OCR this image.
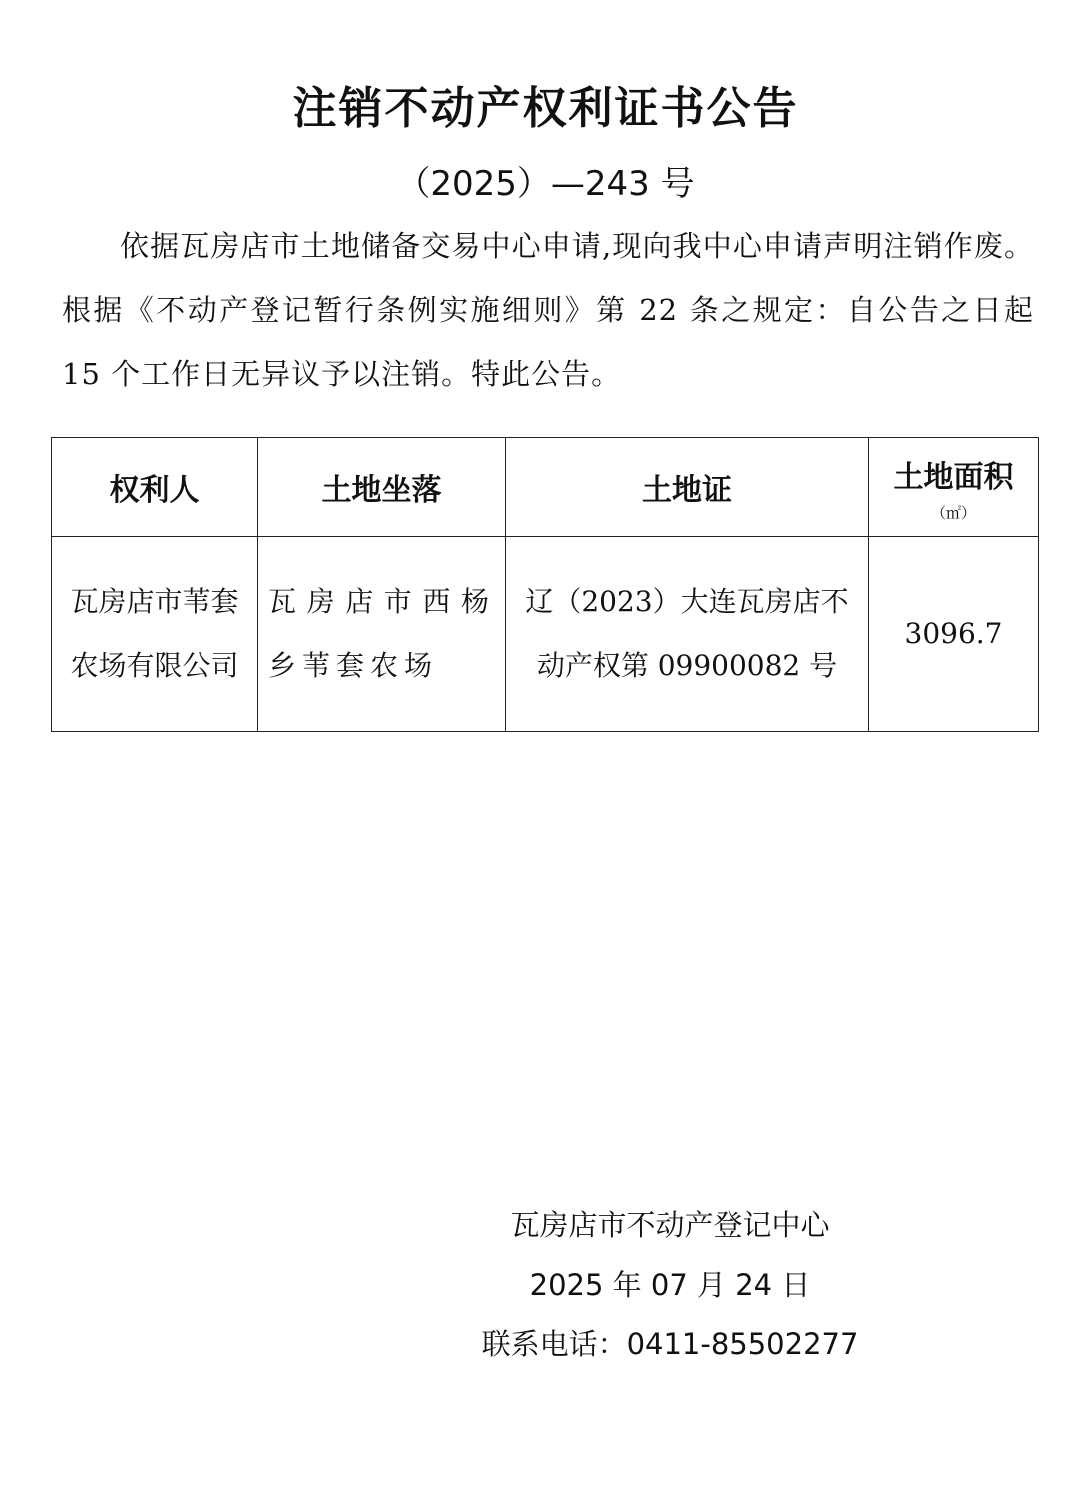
注销不动产权利证书公告
（2025）—243 号
依据瓦房店市土地储备交易中心申请,现向我中心申请声明注销作废。根据《不动产登记暂行条例实施细则》第 22 条之规定：自公告之日起 15 个工作日无异议予以注销。特此公告。
权利人	土地坐落	土地证	土地面积
（㎡）

瓦房店市苇套农场有限公司	瓦房店市西杨乡苇套农场	辽（2023）大连瓦房店不动产权第 09900082 号	3096.7
瓦房店市不动产登记中心
2025 年 07 月 24 日
联系电话：0411-85502277
